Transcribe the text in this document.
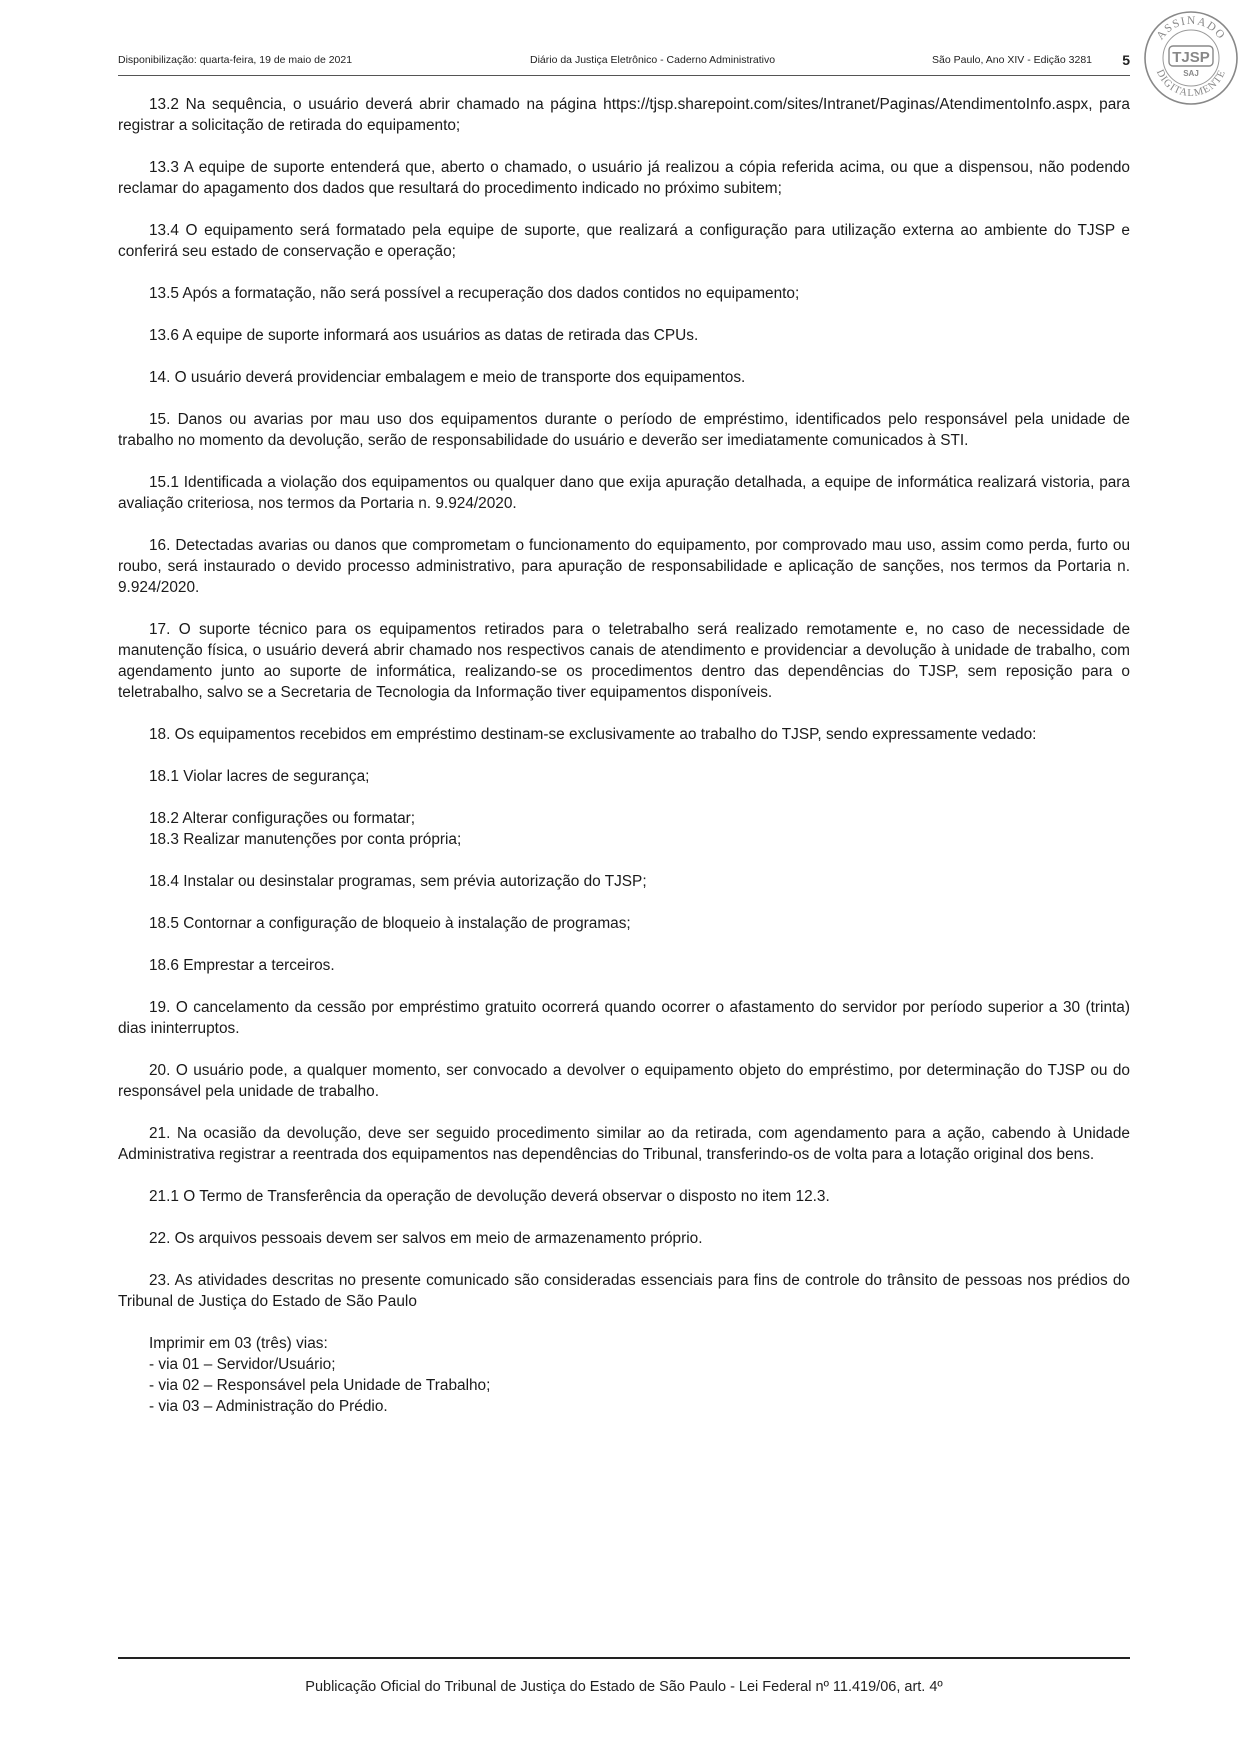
Disponibilização: quarta-feira, 19 de maio de 2021	Diário da Justiça Eletrônico - Caderno Administrativo	São Paulo, Ano XIV - Edição 3281 5
ASSINADO
DIGITALMENTE
TJSP
SAJ

13.2 Na sequência, o usuário deverá abrir chamado na página https://tjsp.sharepoint.com/sites/Intranet/Paginas/AtendimentoInfo.aspx, para registrar a solicitação de retirada do equipamento;

13.3 A equipe de suporte entenderá que, aberto o chamado, o usuário já realizou a cópia referida acima, ou que a dispensou, não podendo reclamar do apagamento dos dados que resultará do procedimento indicado no próximo subitem;

13.4 O equipamento será formatado pela equipe de suporte, que realizará a configuração para utilização externa ao ambiente do TJSP e conferirá seu estado de conservação e operação;

13.5 Após a formatação, não será possível a recuperação dos dados contidos no equipamento;

13.6 A equipe de suporte informará aos usuários as datas de retirada das CPUs.

14. O usuário deverá providenciar embalagem e meio de transporte dos equipamentos.

15. Danos ou avarias por mau uso dos equipamentos durante o período de empréstimo, identificados pelo responsável pela unidade de trabalho no momento da devolução, serão de responsabilidade do usuário e deverão ser imediatamente comunicados à STI.

15.1 Identificada a violação dos equipamentos ou qualquer dano que exija apuração detalhada, a equipe de informática realizará vistoria, para avaliação criteriosa, nos termos da Portaria n. 9.924/2020.

16. Detectadas avarias ou danos que comprometam o funcionamento do equipamento, por comprovado mau uso, assim como perda, furto ou roubo, será instaurado o devido processo administrativo, para apuração de responsabilidade e aplicação de sanções, nos termos da Portaria n. 9.924/2020.

17. O suporte técnico para os equipamentos retirados para o teletrabalho será realizado remotamente e, no caso de necessidade de manutenção física, o usuário deverá abrir chamado nos respectivos canais de atendimento e providenciar a devolução à unidade de trabalho, com agendamento junto ao suporte de informática, realizando-se os procedimentos dentro das dependências do TJSP, sem reposição para o teletrabalho, salvo se a Secretaria de Tecnologia da Informação tiver equipamentos disponíveis.

18. Os equipamentos recebidos em empréstimo destinam-se exclusivamente ao trabalho do TJSP, sendo expressamente vedado:

18.1 Violar lacres de segurança;

18.2 Alterar configurações ou formatar;

18.3 Realizar manutenções por conta própria;

18.4 Instalar ou desinstalar programas, sem prévia autorização do TJSP;

18.5 Contornar a configuração de bloqueio à instalação de programas;

18.6 Emprestar a terceiros.

19. O cancelamento da cessão por empréstimo gratuito ocorrerá quando ocorrer o afastamento do servidor por período superior a 30 (trinta) dias ininterruptos.

20. O usuário pode, a qualquer momento, ser convocado a devolver o equipamento objeto do empréstimo, por determinação do TJSP ou do responsável pela unidade de trabalho.

21. Na ocasião da devolução, deve ser seguido procedimento similar ao da retirada, com agendamento para a ação, cabendo à Unidade Administrativa registrar a reentrada dos equipamentos nas dependências do Tribunal, transferindo-os de volta para a lotação original dos bens.

21.1 O Termo de Transferência da operação de devolução deverá observar o disposto no item 12.3.

22. Os arquivos pessoais devem ser salvos em meio de armazenamento próprio.

23. As atividades descritas no presente comunicado são consideradas essenciais para fins de controle do trânsito de pessoas nos prédios do Tribunal de Justiça do Estado de São Paulo

Imprimir em 03 (três) vias:
- via 01 – Servidor/Usuário;
- via 02 – Responsável pela Unidade de Trabalho;
- via 03 – Administração do Prédio.
Publicação Oficial do Tribunal de Justiça do Estado de São Paulo - Lei Federal nº 11.419/06, art. 4º
